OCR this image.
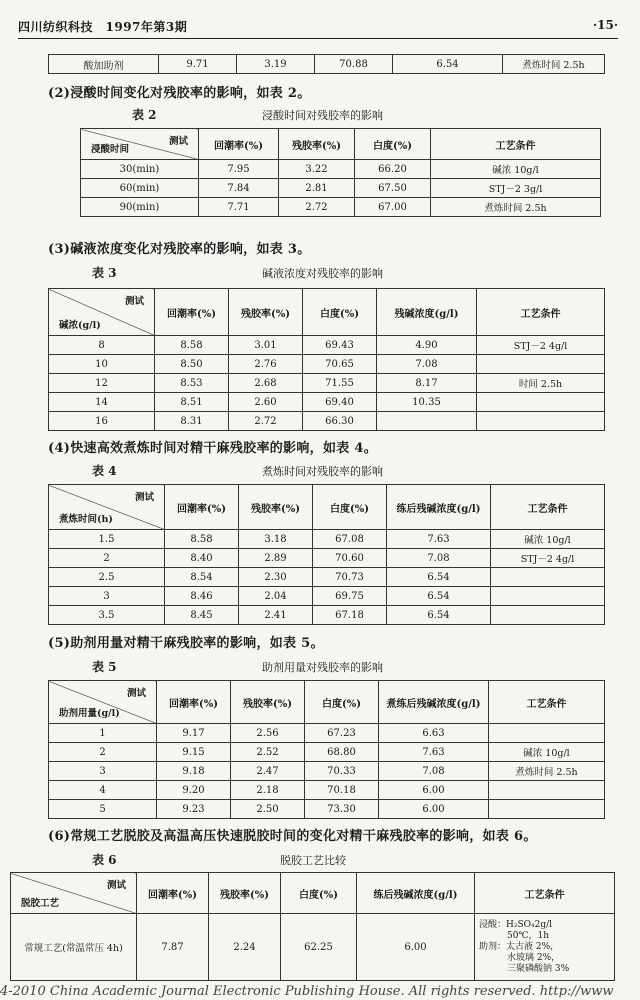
四川纺织科技　1997年第3期	·15·
酸加助剂	9.71	3.19	70.88	6.54	煮炼时间 2.5h
(2)浸酸时间变化对残胶率的影响，如表 2。
表 2	浸酸时间对残胶率的影响
测试
浸酸时间	回潮率(%)	残胶率(%)	白度(%)	工艺条件
30(min)	7.95	3.22	66.20	碱浓 10g/l
60(min)	7.84	2.81	67.50	STJ－2 3g/l
90(min)	7.71	2.72	67.00	煮炼时间 2.5h
(3)碱液浓度变化对残胶率的影响，如表 3。
表 3	碱液浓度对残胶率的影响
测试
碱浓(g/l)	回潮率(%)	残胶率(%)	白度(%)	残碱浓度(g/l)	工艺条件
8	8.58	3.01	69.43	4.90	STJ－2 4g/l
10	8.50	2.76	70.65	7.08	
12	8.53	2.68	71.55	8.17	时间 2.5h
14	8.51	2.60	69.40	10.35	
16	8.31	2.72	66.30		
(4)快速高效煮炼时间对精干麻残胶率的影响，如表 4。
表 4	煮炼时间对残胶率的影响
测试
煮炼时间(h)	回潮率(%)	残胶率(%)	白度(%)	练后残碱浓度(g/l)	工艺条件
1.5	8.58	3.18	67.08	7.63	碱浓 10g/l
2	8.40	2.89	70.60	7.08	STJ－2 4g/l
2.5	8.54	2.30	70.73	6.54	
3	8.46	2.04	69.75	6.54	
3.5	8.45	2.41	67.18	6.54	
(5)助剂用量对精干麻残胶率的影响，如表 5。
表 5	助剂用量对残胶率的影响
测试
助剂用量(g/l)	回潮率(%)	残胶率(%)	白度(%)	煮练后残碱浓度(g/l)	工艺条件
1	9.17	2.56	67.23	6.63	
2	9.15	2.52	68.80	7.63	碱浓 10g/l
3	9.18	2.47	70.33	7.08	煮炼时间 2.5h
4	9.20	2.18	70.18	6.00	
5	9.23	2.50	73.30	6.00	
(6)常规工艺脱胶及高温高压快速脱胶时间的变化对精干麻残胶率的影响，如表 6。
表 6	脱胶工艺比较
测试
脱胶工艺	回潮率(%)	残胶率(%)	白度(%)	练后残碱浓度(g/l)	工艺条件
常规工艺(常温常压 4h)	7.87	2.24	62.25	6.00	浸酸：H₂SO₄2g/l
50℃，1h
助剂：太古液 2%，
水玻璃 2%，
三聚磷酸钠 3%
4-2010 China Academic Journal Electronic Publishing House. All rights reserved. http://www
